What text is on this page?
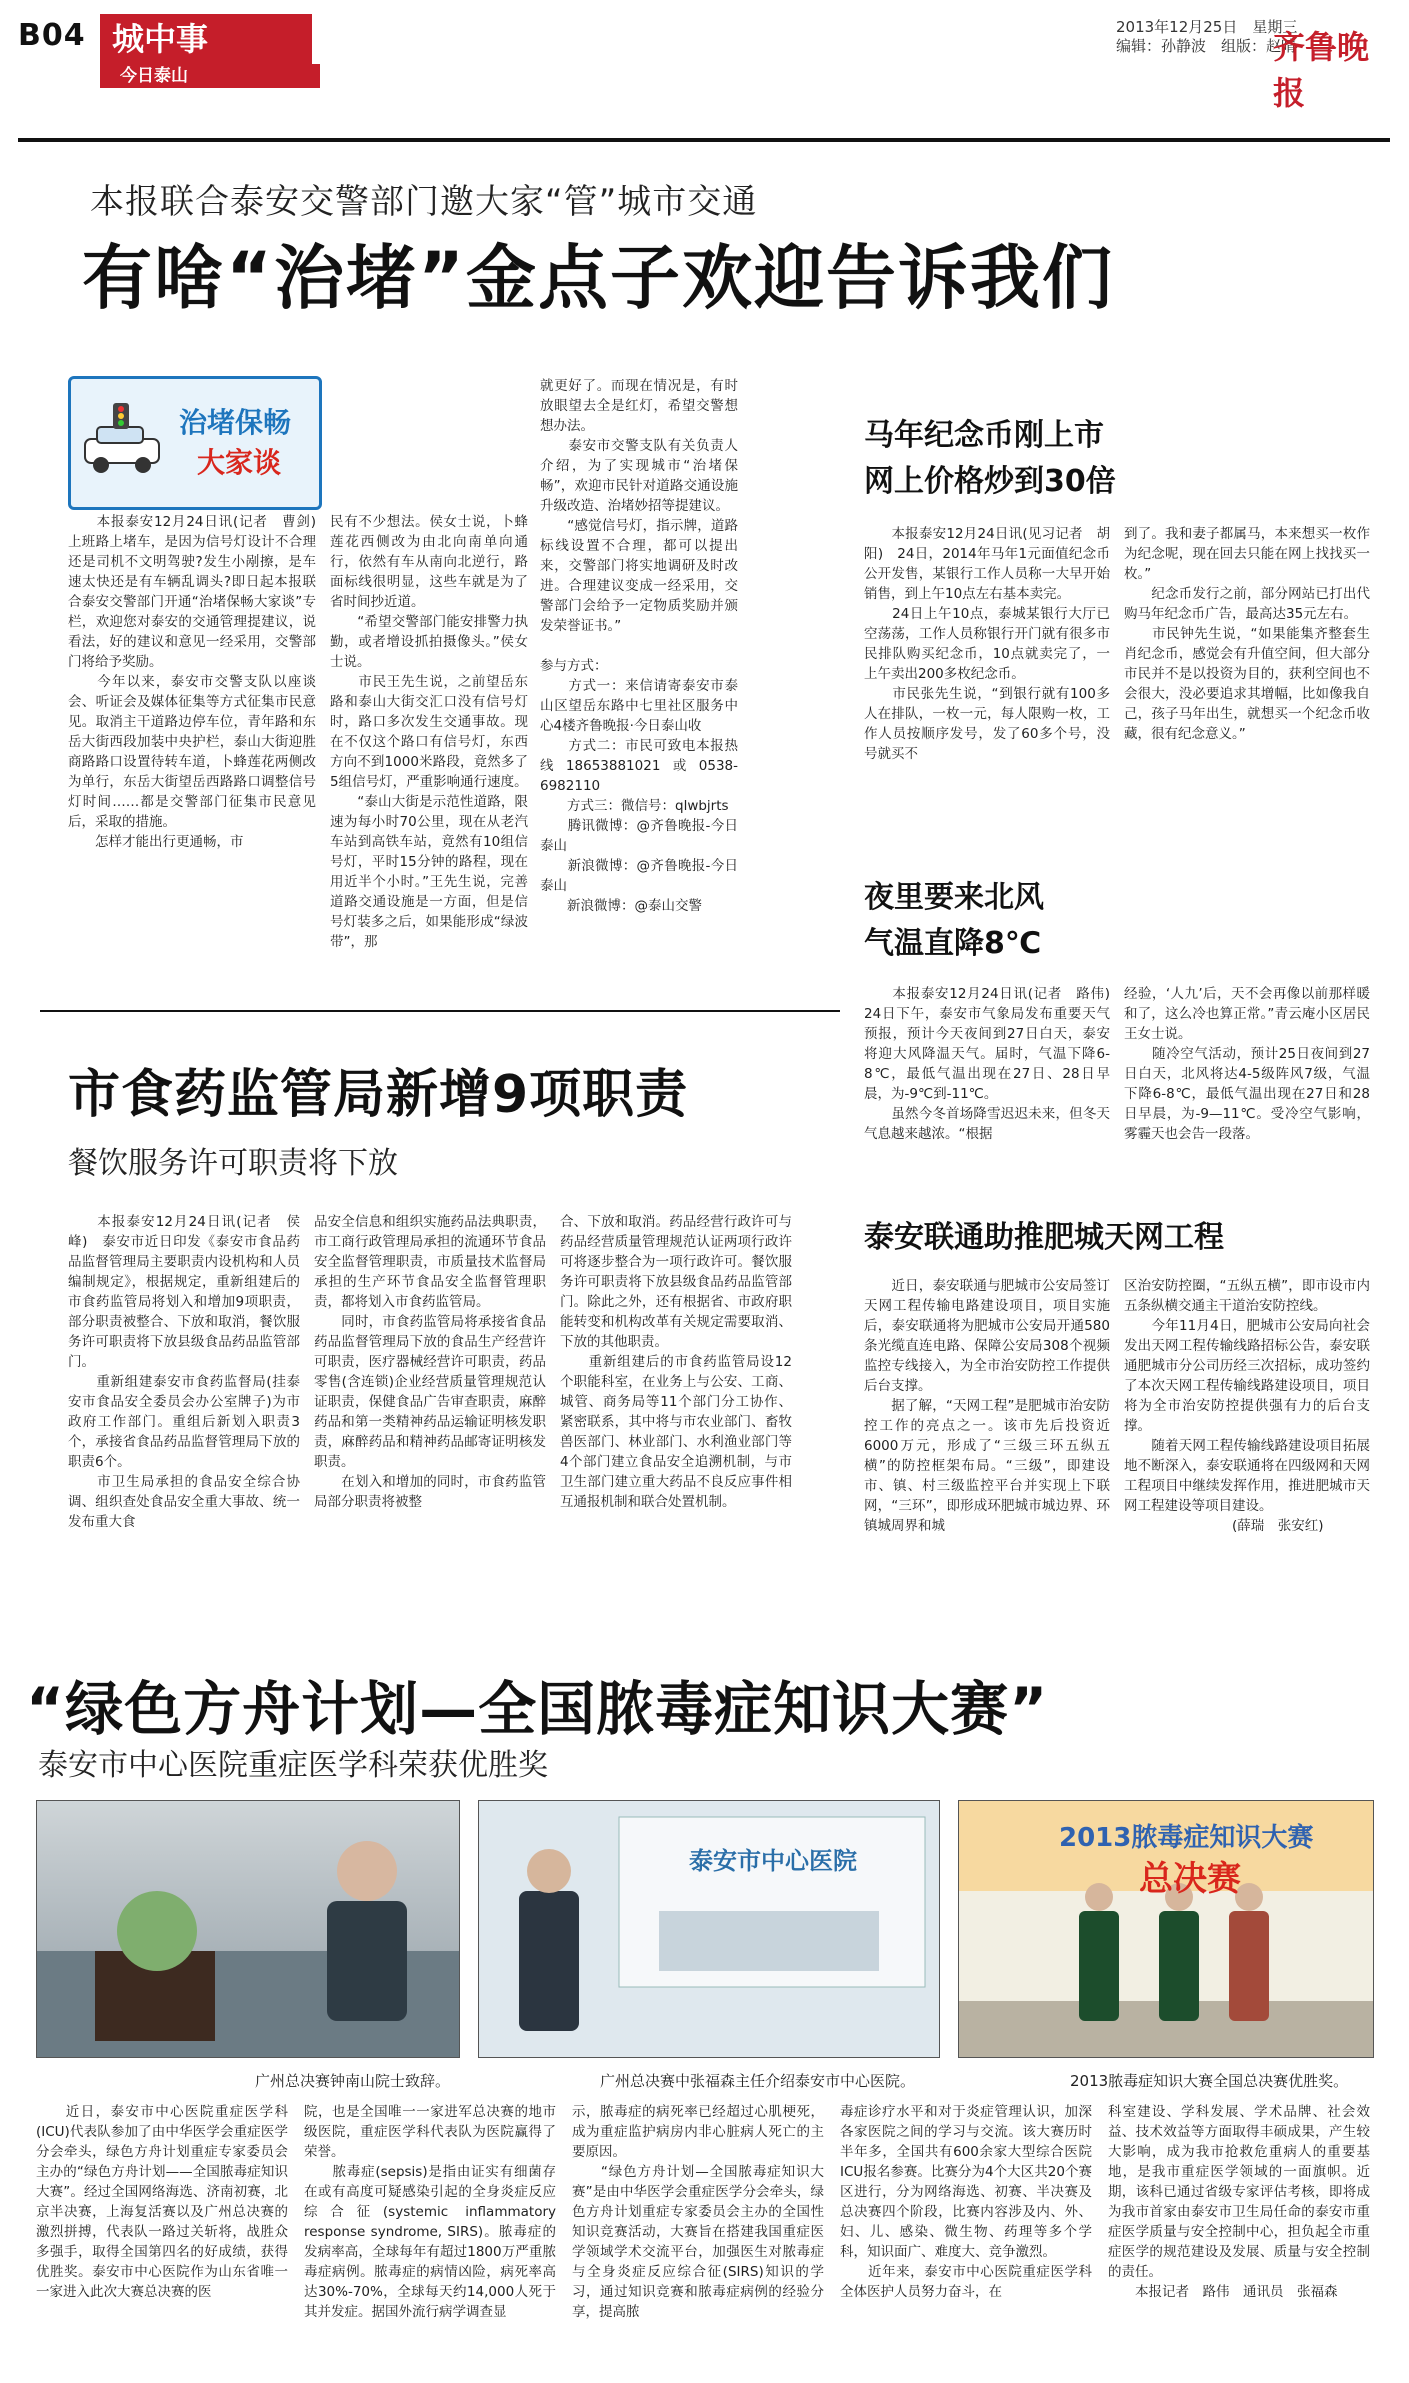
B04 城中事
今日泰山
2013年12月25日　星期三
编辑：孙静波　组版：赵晴
齐鲁晚报
本报联合泰安交警部门邀大家“管”城市交通
有啥“治堵”金点子欢迎告诉我们
治堵保畅
大家谈
　　本报泰安12月24日讯(记者　曹剑)　上班路上堵车，是因为信号灯设计不合理还是司机不文明驾驶?发生小剐擦，是车速太快还是有车辆乱调头?即日起本报联合泰安交警部门开通“治堵保畅大家谈”专栏，欢迎您对泰安的交通管理提建议，说看法，好的建议和意见一经采用，交警部门将给予奖励。
　　今年以来，泰安市交警支队以座谈会、听证会及媒体征集等方式征集市民意见。取消主干道路边停车位，青年路和东岳大街西段加装中央护栏，泰山大街迎胜商路路口设置待转车道，卜蜂莲花两侧改为单行，东岳大街望岳西路路口调整信号灯时间……都是交警部门征集市民意见后，采取的措施。
　　怎样才能出行更通畅，市
民有不少想法。侯女士说，卜蜂莲花西侧改为由北向南单向通行，依然有车从南向北逆行，路面标线很明显，这些车就是为了省时间抄近道。
　　“希望交警部门能安排警力执勤，或者增设抓拍摄像头。”侯女士说。
　　市民王先生说，之前望岳东路和泰山大街交汇口没有信号灯时，路口多次发生交通事故。现在不仅这个路口有信号灯，东西方向不到1000米路段，竟然多了5组信号灯，严重影响通行速度。
　　“泰山大街是示范性道路，限速为每小时70公里，现在从老汽车站到高铁车站，竟然有10组信号灯，平时15分钟的路程，现在用近半个小时。”王先生说，完善道路交通设施是一方面，但是信号灯装多之后，如果能形成“绿波带”，那
就更好了。而现在情况是，有时放眼望去全是红灯，希望交警想想办法。
　　泰安市交警支队有关负责人介绍，为了实现城市“治堵保畅”，欢迎市民针对道路交通设施升级改造、治堵妙招等提建议。
　　“感觉信号灯，指示牌，道路标线设置不合理，都可以提出来，交警部门将实地调研及时改进。合理建议变成一经采用，交警部门会给予一定物质奖励并颁发荣誉证书。”

参与方式：
　　方式一：来信请寄泰安市泰山区望岳东路中七里社区服务中心4楼齐鲁晚报·今日泰山收
　　方式二：市民可致电本报热线18653881021或0538-6982110
　　方式三：微信号：qlwbjrts
　　腾讯微博：@齐鲁晚报-今日泰山
　　新浪微博：@齐鲁晚报-今日泰山
　　新浪微博：@泰山交警
马年纪念币刚上市
网上价格炒到30倍
　　本报泰安12月24日讯(见习记者　胡阳)　24日，2014年马年1元面值纪念币公开发售，某银行工作人员称一大早开始销售，到上午10点左右基本卖完。
　　24日上午10点，泰城某银行大厅已空荡荡，工作人员称银行开门就有很多市民排队购买纪念币，10点就卖完了，一上午卖出200多枚纪念币。
　　市民张先生说，“到银行就有100多人在排队，一枚一元，每人限购一枚，工作人员按顺序发号，发了60多个号，没号就买不
到了。我和妻子都属马，本来想买一枚作为纪念呢，现在回去只能在网上找找买一枚。”
　　纪念币发行之前，部分网站已打出代购马年纪念币广告，最高达35元左右。
　　市民钟先生说，“如果能集齐整套生肖纪念币，感觉会有升值空间，但大部分市民并不是以投资为目的，获利空间也不会很大，没必要追求其增幅，比如像我自己，孩子马年出生，就想买一个纪念币收藏，很有纪念意义。”
夜里要来北风
气温直降8℃
　　本报泰安12月24日讯(记者　路伟)　24日下午，泰安市气象局发布重要天气预报，预计今天夜间到27日白天，泰安将迎大风降温天气。届时，气温下降6-8℃，最低气温出现在27日、28日早晨，为-9℃到-11℃。
　　虽然今冬首场降雪迟迟未来，但冬天气息越来越浓。“根据
经验，‘人九’后，天不会再像以前那样暖和了，这么冷也算正常。”青云庵小区居民王女士说。
　　随冷空气活动，预计25日夜间到27日白天，北风将达4-5级阵风7级，气温下降6-8℃，最低气温出现在27日和28日早晨，为-9—11℃。受冷空气影响，雾霾天也会告一段落。
泰安联通助推肥城天网工程
　　近日，泰安联通与肥城市公安局签订天网工程传输电路建设项目，项目实施后，泰安联通将为肥城市公安局开通580条光缆直连电路、保障公安局308个视频监控专线接入，为全市治安防控工作提供后台支撑。
　　据了解，“天网工程”是肥城市治安防控工作的亮点之一。该市先后投资近6000万元，形成了“三级三环五纵五横”的防控框架布局。“三级”，即建设市、镇、村三级监控平台并实现上下联网，“三环”，即形成环肥城市城边界、环镇城周界和城
区治安防控圈，“五纵五横”，即市设市内五条纵横交通主干道治安防控线。
　　今年11月4日，肥城市公安局向社会发出天网工程传输线路招标公告，泰安联通肥城市分公司历经三次招标，成功签约了本次天网工程传输线路建设项目，项目将为全市治安防控提供强有力的后台支撑。
　　随着天网工程传输线路建设项目拓展地不断深入，泰安联通将在四级网和天网工程项目中继续发挥作用，推进肥城市天网工程建设等项目建设。
　　　　　　　　(薛瑞　张安红)
市食药监管局新增9项职责
餐饮服务许可职责将下放
　　本报泰安12月24日讯(记者　侯峰)　泰安市近日印发《泰安市食品药品监督管理局主要职责内设机构和人员编制规定》，根据规定，重新组建后的市食药监管局将划入和增加9项职责，部分职责被整合、下放和取消，餐饮服务许可职责将下放县级食品药品监管部门。
　　重新组建泰安市食药监督局(挂泰安市食品安全委员会办公室牌子)为市政府工作部门。重组后新划入职责3个，承接省食品药品监督管理局下放的职责6个。
　　市卫生局承担的食品安全综合协调、组织查处食品安全重大事故、统一发布重大食
品安全信息和组织实施药品法典职责，市工商行政管理局承担的流通环节食品安全监督管理职责，市质量技术监督局承担的生产环节食品安全监督管理职责，都将划入市食药监管局。
　　同时，市食药监管局将承接省食品药品监督管理局下放的食品生产经营许可职责，医疗器械经营许可职责，药品零售(含连锁)企业经营质量管理规范认证职责，保健食品广告审查职责，麻醉药品和第一类精神药品运输证明核发职责，麻醉药品和精神药品邮寄证明核发职责。
　　在划入和增加的同时，市食药监管局部分职责将被整
合、下放和取消。药品经营行政许可与药品经营质量管理规范认证两项行政许可将逐步整合为一项行政许可。餐饮服务许可职责将下放县级食品药品监管部门。除此之外，还有根据省、市政府职能转变和机构改革有关规定需要取消、下放的其他职责。
　　重新组建后的市食药监管局设12个职能科室，在业务上与公安、工商、城管、商务局等11个部门分工协作、紧密联系，其中将与市农业部门、畜牧兽医部门、林业部门、水利渔业部门等4个部门建立食品安全追溯机制，与市卫生部门建立重大药品不良反应事件相互通报机制和联合处置机制。
“绿色方舟计划—全国脓毒症知识大赛”
泰安市中心医院重症医学科荣获优胜奖
泰安市中心医院
2013脓毒症知识大赛
总决赛
广州总决赛钟南山院士致辞。	广州总决赛中张福森主任介绍泰安市中心医院。	2013脓毒症知识大赛全国总决赛优胜奖。
　　近日，泰安市中心医院重症医学科(ICU)代表队参加了由中华医学会重症医学分会牵头，绿色方舟计划重症专家委员会主办的“绿色方舟计划——全国脓毒症知识大赛”。经过全国网络海选、济南初赛，北京半决赛，上海复活赛以及广州总决赛的激烈拼搏，代表队一路过关斩将，战胜众多强手，取得全国第四名的好成绩，获得优胜奖。泰安市中心医院作为山东省唯一一家进入此次大赛总决赛的医
院，也是全国唯一一家进军总决赛的地市级医院，重症医学科代表队为医院赢得了荣誉。
　　脓毒症(sepsis)是指由证实有细菌存在或有高度可疑感染引起的全身炎症反应综合征(systemic inflammatory response syndrome, SIRS)。脓毒症的发病率高，全球每年有超过1800万严重脓毒症病例。脓毒症的病情凶险，病死率高达30%-70%，全球每天约14,000人死于其并发症。据国外流行病学调查显
示，脓毒症的病死率已经超过心肌梗死，成为重症监护病房内非心脏病人死亡的主要原因。
　　“绿色方舟计划—全国脓毒症知识大赛”是由中华医学会重症医学分会牵头，绿色方舟计划重症专家委员会主办的全国性知识竞赛活动，大赛旨在搭建我国重症医学领域学术交流平台，加强医生对脓毒症与全身炎症反应综合征(SIRS)知识的学习，通过知识竞赛和脓毒症病例的经验分享，提高脓
毒症诊疗水平和对于炎症管理认识，加深各家医院之间的学习与交流。该大赛历时半年多，全国共有600余家大型综合医院ICU报名参赛。比赛分为4个大区共20个赛区进行，分为网络海选、初赛、半决赛及总决赛四个阶段，比赛内容涉及内、外、妇、儿、感染、微生物、药理等多个学科，知识面广、难度大、竞争激烈。
　　近年来，泰安市中心医院重症医学科全体医护人员努力奋斗，在
科室建设、学科发展、学术品牌、社会效益、技术效益等方面取得丰硕成果，产生较大影响，成为我市抢救危重病人的重要基地，是我市重症医学领域的一面旗帜。近期，该科已通过省级专家评估考核，即将成为我市首家由泰安市卫生局任命的泰安市重症医学质量与安全控制中心，担负起全市重症医学的规范建设及发展、质量与安全控制的责任。
　　本报记者　路伟　通讯员　张福森
